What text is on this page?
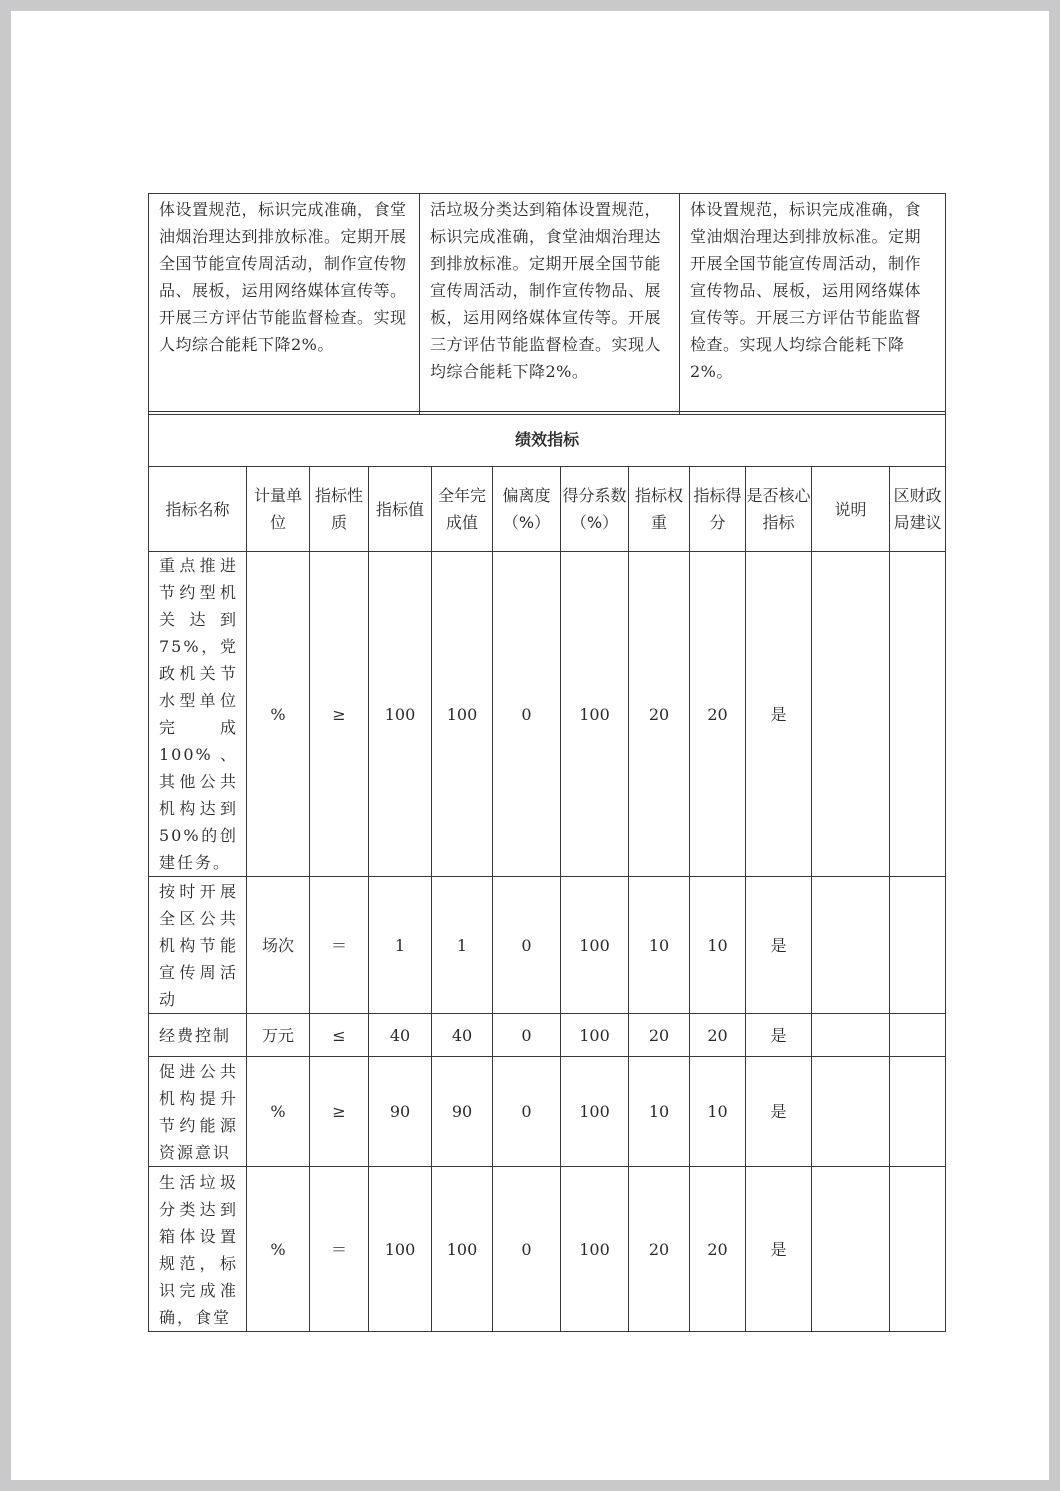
体设置规范，标识完成准确，食堂油烟治理达到排放标准。定期开展全国节能宣传周活动，制作宣传物品、展板，运用网络媒体宣传等。开展三方评估节能监督检查。实现人均综合能耗下降2%。	活垃圾分类达到箱体设置规范，标识完成准确，食堂油烟治理达到排放标准。定期开展全国节能宣传周活动，制作宣传物品、展板，运用网络媒体宣传等。开展三方评估节能监督检查。实现人均综合能耗下降2%。	体设置规范，标识完成准确，食堂油烟治理达到排放标准。定期开展全国节能宣传周活动，制作宣传物品、展板，运用网络媒体宣传等。开展三方评估节能监督检查。实现人均综合能耗下降2%。
绩效指标											
指标名称	计量单位	指标性质	指标值	全年完成值	偏离度（%）	得分系数（%）	指标权重	指标得分	是否核心指标	说明	区财政局建议
重点推进节约型机关达到75%，党政机关节水型单位完成100%、其他公共机构达到50%的创建任务。	%	≥	100	100	0	100	20	20	是		
按时开展全区公共机构节能宣传周活动	场次	＝	1	1	0	100	10	10	是		
经费控制	万元	≤	40	40	0	100	20	20	是		
促进公共机构提升节约能源资源意识	%	≥	90	90	0	100	10	10	是		
生活垃圾分类达到箱体设置规范，标识完成准确，食堂	%	＝	100	100	0	100	20	20	是		
